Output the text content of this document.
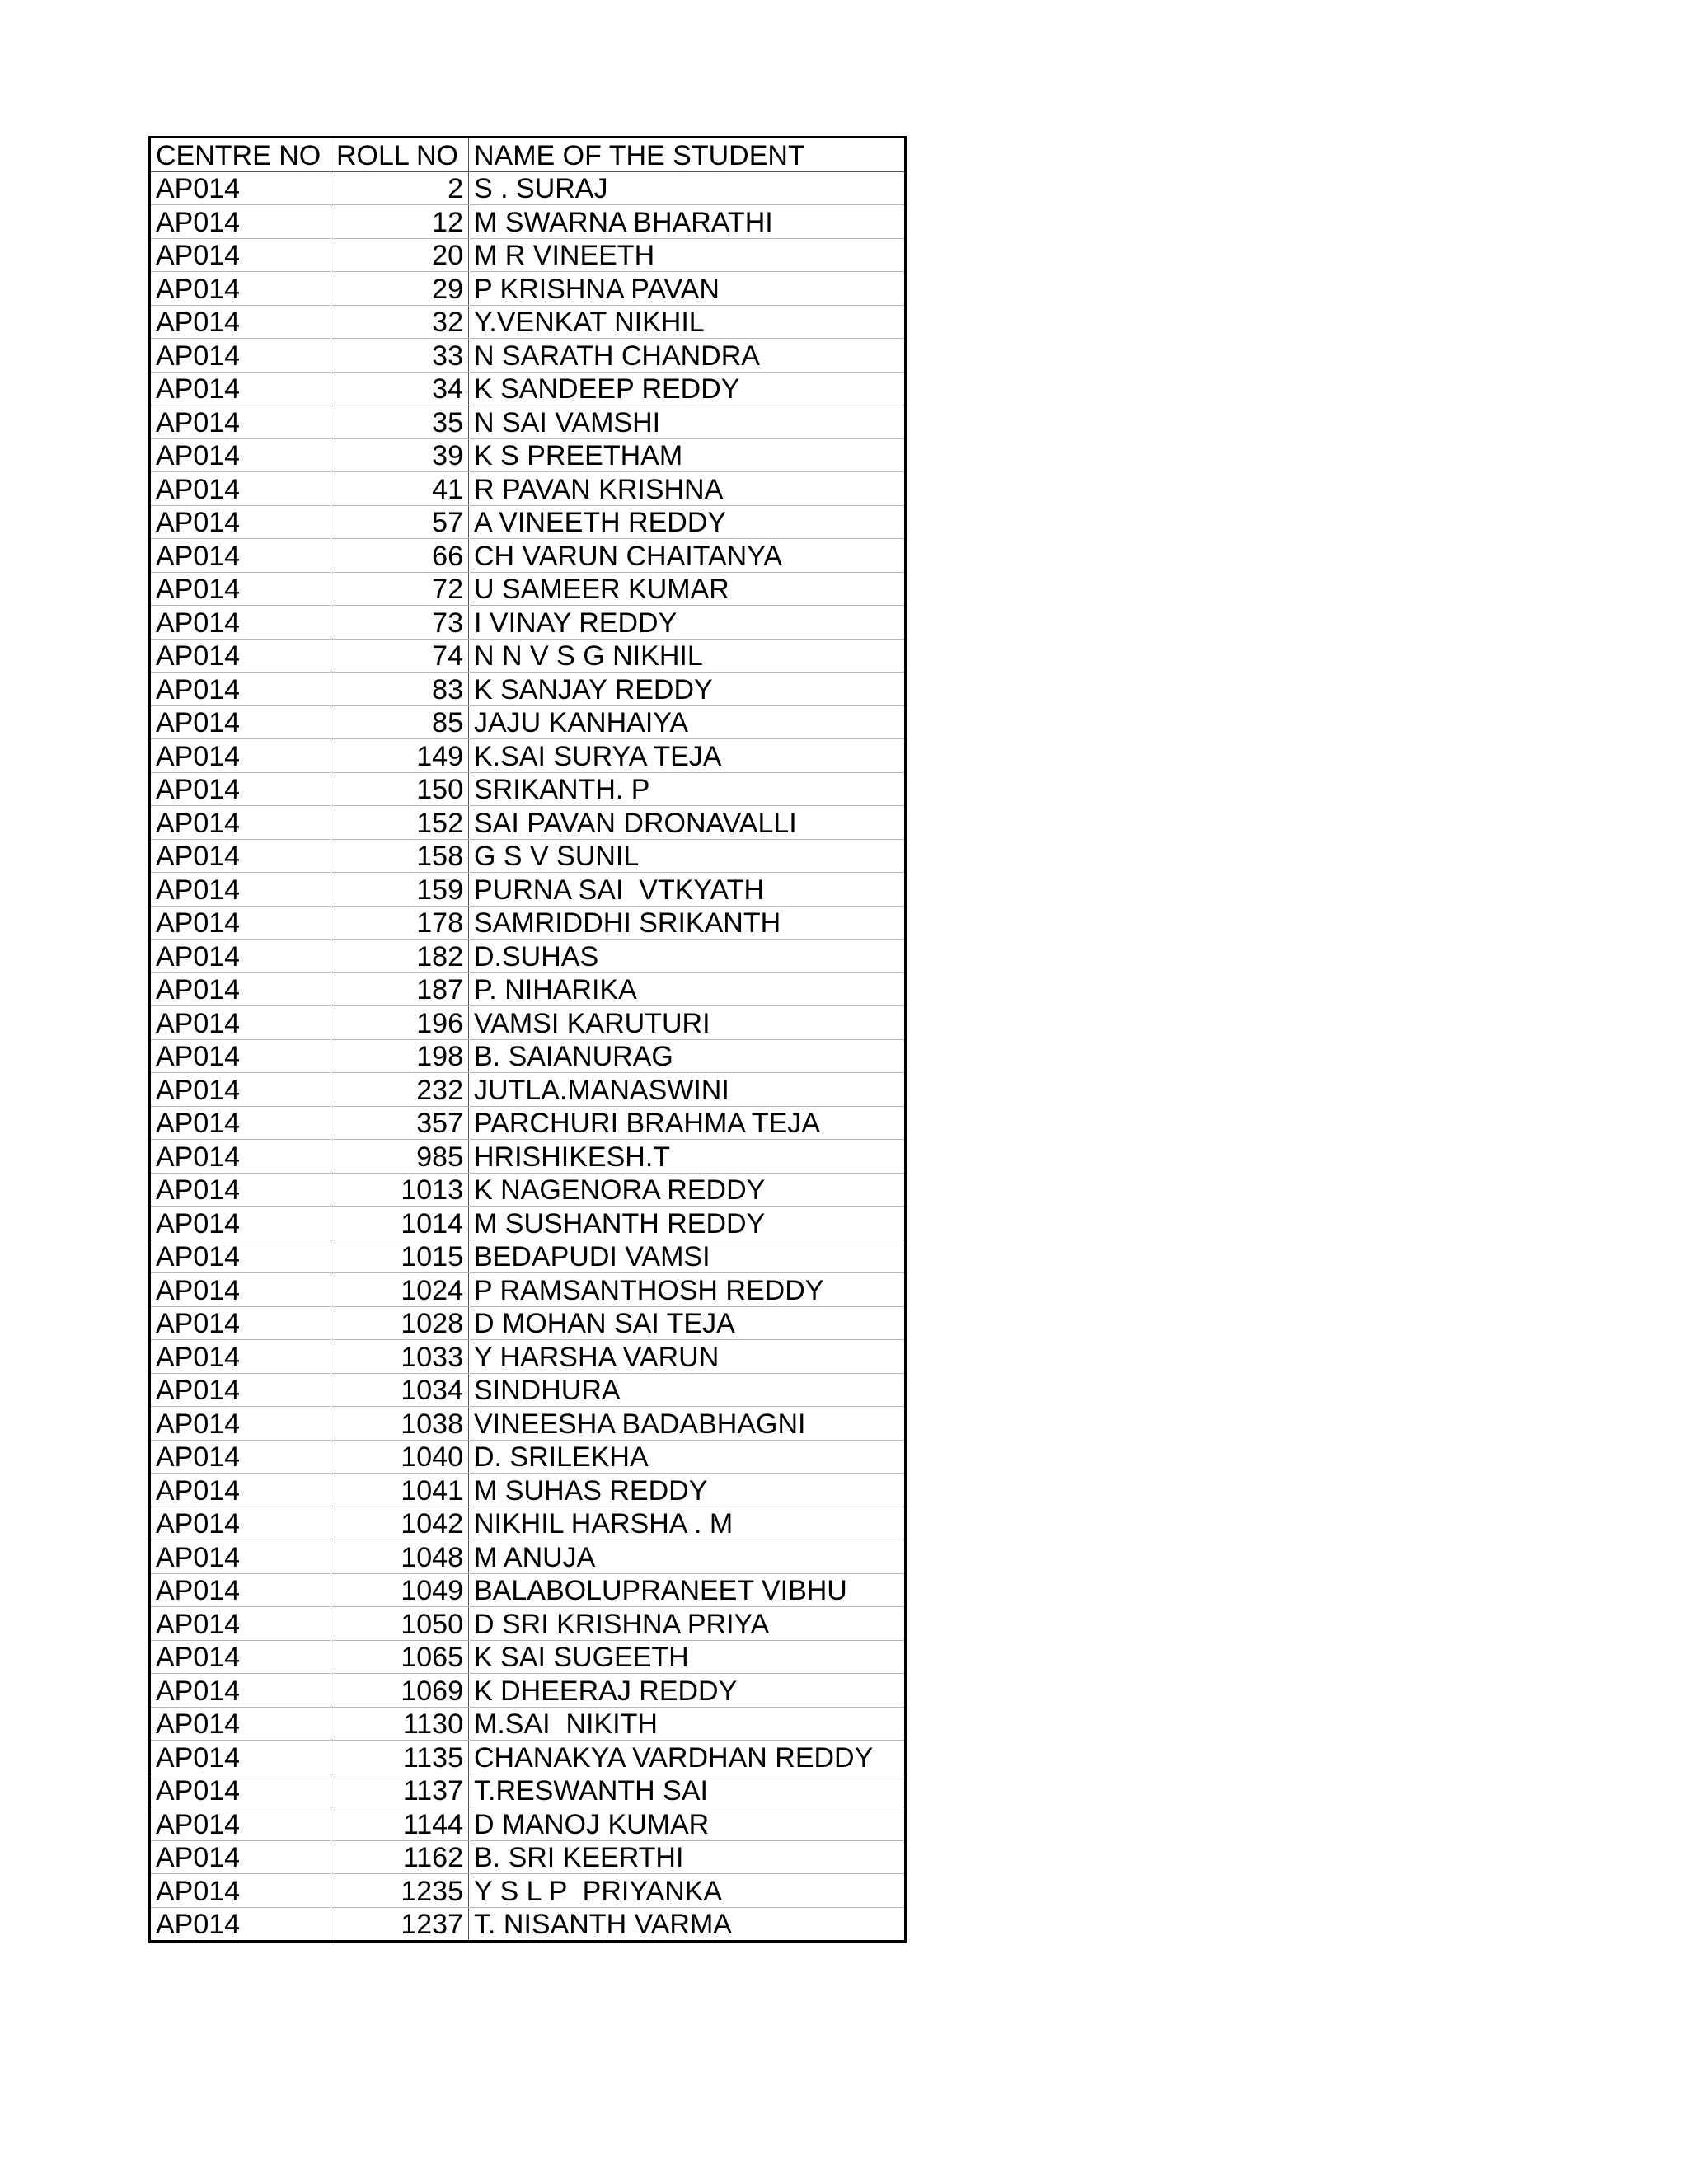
CENTRE NO	ROLL NO	NAME OF THE STUDENT
AP014	2	S . SURAJ
AP014	12	M SWARNA BHARATHI
AP014	20	M R VINEETH
AP014	29	P KRISHNA PAVAN
AP014	32	Y.VENKAT NIKHIL
AP014	33	N SARATH CHANDRA
AP014	34	K SANDEEP REDDY
AP014	35	N SAI VAMSHI
AP014	39	K S PREETHAM
AP014	41	R PAVAN KRISHNA
AP014	57	A VINEETH REDDY
AP014	66	CH VARUN CHAITANYA
AP014	72	U SAMEER KUMAR
AP014	73	I VINAY REDDY
AP014	74	N N V S G NIKHIL
AP014	83	K SANJAY REDDY
AP014	85	JAJU KANHAIYA
AP014	149	K.SAI SURYA TEJA
AP014	150	SRIKANTH. P
AP014	152	SAI PAVAN DRONAVALLI
AP014	158	G S V SUNIL
AP014	159	PURNA SAI  VTKYATH
AP014	178	SAMRIDDHI SRIKANTH
AP014	182	D.SUHAS
AP014	187	P. NIHARIKA
AP014	196	VAMSI KARUTURI
AP014	198	B. SAIANURAG
AP014	232	JUTLA.MANASWINI
AP014	357	PARCHURI BRAHMA TEJA
AP014	985	HRISHIKESH.T
AP014	1013	K NAGENORA REDDY
AP014	1014	M SUSHANTH REDDY
AP014	1015	BEDAPUDI VAMSI
AP014	1024	P RAMSANTHOSH REDDY
AP014	1028	D MOHAN SAI TEJA
AP014	1033	Y HARSHA VARUN
AP014	1034	SINDHURA
AP014	1038	VINEESHA BADABHAGNI
AP014	1040	D. SRILEKHA
AP014	1041	M SUHAS REDDY
AP014	1042	NIKHIL HARSHA . M
AP014	1048	M ANUJA
AP014	1049	BALABOLUPRANEET VIBHU
AP014	1050	D SRI KRISHNA PRIYA
AP014	1065	K SAI SUGEETH
AP014	1069	K DHEERAJ REDDY
AP014	1130	M.SAI  NIKITH
AP014	1135	CHANAKYA VARDHAN REDDY
AP014	1137	T.RESWANTH SAI
AP014	1144	D MANOJ KUMAR
AP014	1162	B. SRI KEERTHI
AP014	1235	Y S L P  PRIYANKA
AP014	1237	T. NISANTH VARMA
